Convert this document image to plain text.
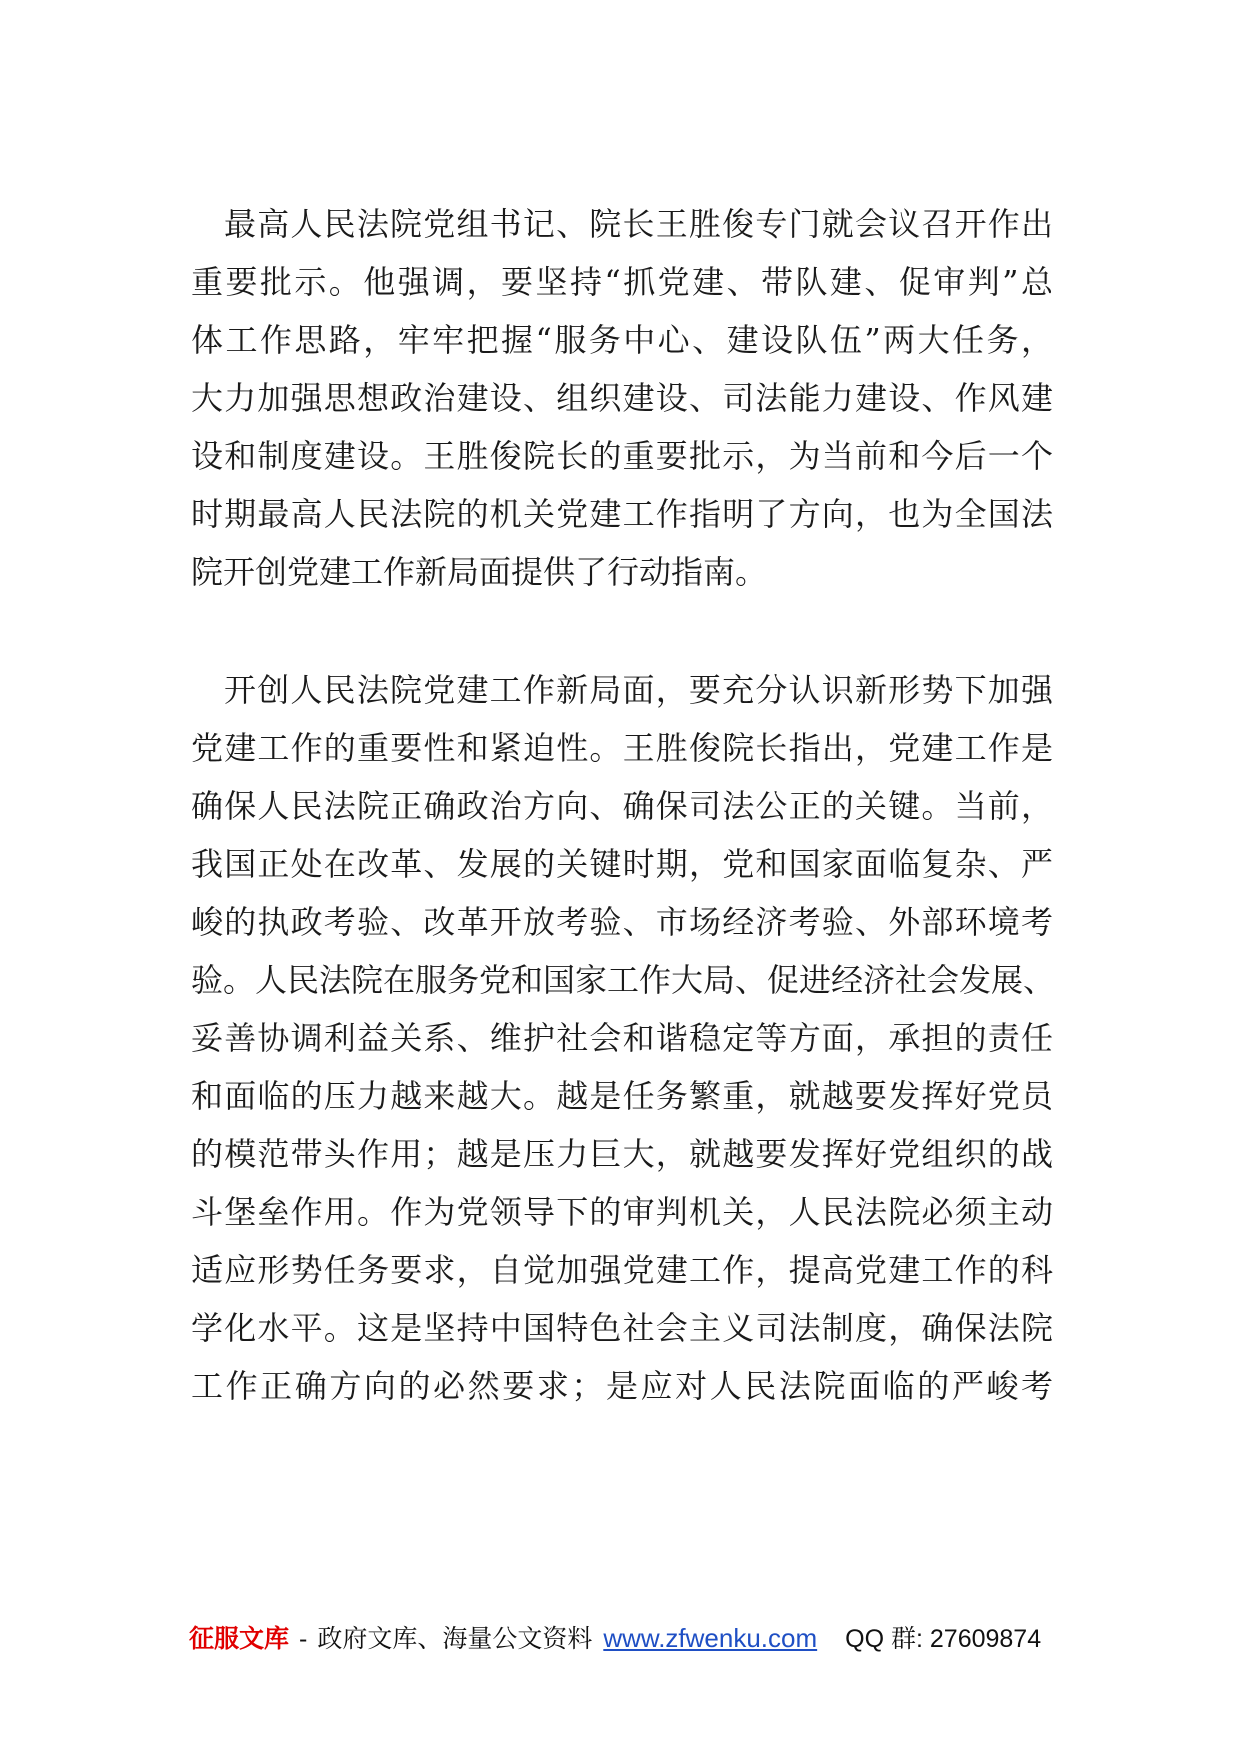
最高人民法院党组书记、院长王胜俊专门就会议召开作出
重要批示。他强调，要坚持“抓党建、带队建、促审判”总
体工作思路，牢牢把握“服务中心、建设队伍”两大任务，
大力加强思想政治建设、组织建设、司法能力建设、作风建
设和制度建设。王胜俊院长的重要批示，为当前和今后一个
时期最高人民法院的机关党建工作指明了方向，也为全国法
院开创党建工作新局面提供了行动指南。
开创人民法院党建工作新局面，要充分认识新形势下加强
党建工作的重要性和紧迫性。王胜俊院长指出，党建工作是
确保人民法院正确政治方向、确保司法公正的关键。当前，
我国正处在改革、发展的关键时期，党和国家面临复杂、严
峻的执政考验、改革开放考验、市场经济考验、外部环境考
验。人民法院在服务党和国家工作大局、促进经济社会发展、
妥善协调利益关系、维护社会和谐稳定等方面，承担的责任
和面临的压力越来越大。越是任务繁重，就越要发挥好党员
的模范带头作用；越是压力巨大，就越要发挥好党组织的战
斗堡垒作用。作为党领导下的审判机关，人民法院必须主动
适应形势任务要求，自觉加强党建工作，提高党建工作的科
学化水平。这是坚持中国特色社会主义司法制度，确保法院
工作正确方向的必然要求；是应对人民法院面临的严峻考
征服文库 - 政府文库、海量公文资料 www.zfwenku.com QQ 群: 27609874
